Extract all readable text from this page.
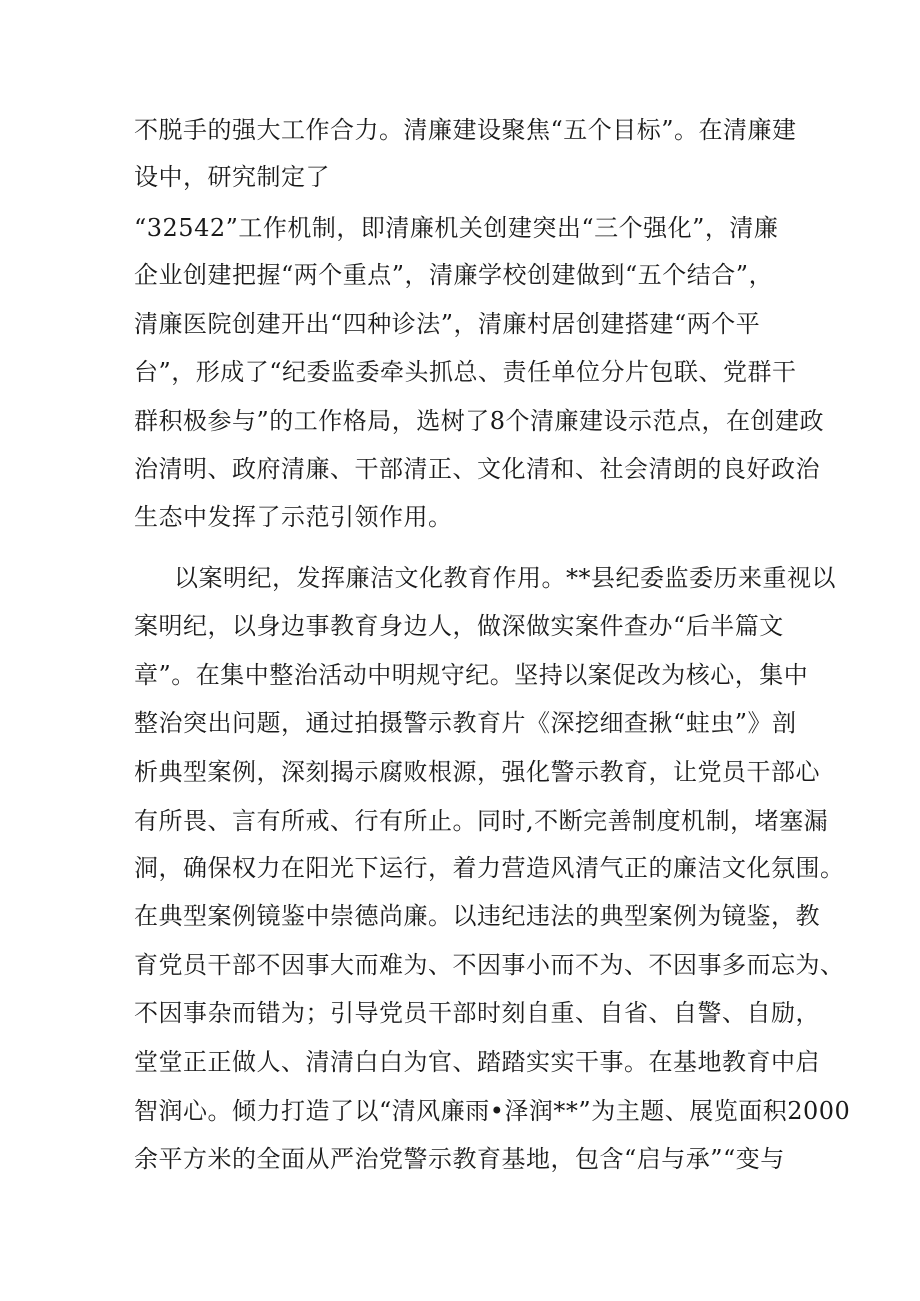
不脱手的强大工作合力。清廉建设聚焦“五个目标”。在清廉建
设中，研究制定了
“32542”工作机制，即清廉机关创建突出“三个强化”，清廉
企业创建把握“两个重点”，清廉学校创建做到“五个结合”，
清廉医院创建开出“四种诊法”，清廉村居创建搭建“两个平
台”，形成了“纪委监委牵头抓总、责任单位分片包联、党群干
群积极参与”的工作格局，选树了8个清廉建设示范点，在创建政
治清明、政府清廉、干部清正、文化清和、社会清朗的良好政治
生态中发挥了示范引领作用。
以案明纪，发挥廉洁文化教育作用。**县纪委监委历来重视以
案明纪，以身边事教育身边人，做深做实案件查办“后半篇文
章”。在集中整治活动中明规守纪。坚持以案促改为核心，集中
整治突出问题，通过拍摄警示教育片《深挖细查揪“蛀虫”》剖
析典型案例，深刻揭示腐败根源，强化警示教育，让党员干部心
有所畏、言有所戒、行有所止。同时,不断完善制度机制，堵塞漏
洞，确保权力在阳光下运行，着力营造风清气正的廉洁文化氛围。
在典型案例镜鉴中崇德尚廉。以违纪违法的典型案例为镜鉴，教
育党员干部不因事大而难为、不因事小而不为、不因事多而忘为、
不因事杂而错为；引导党员干部时刻自重、自省、自警、自励，
堂堂正正做人、清清白白为官、踏踏实实干事。在基地教育中启
智润心。倾力打造了以“清风廉雨•泽润**”为主题、展览面积2000
余平方米的全面从严治党警示教育基地，包含“启与承”“变与
